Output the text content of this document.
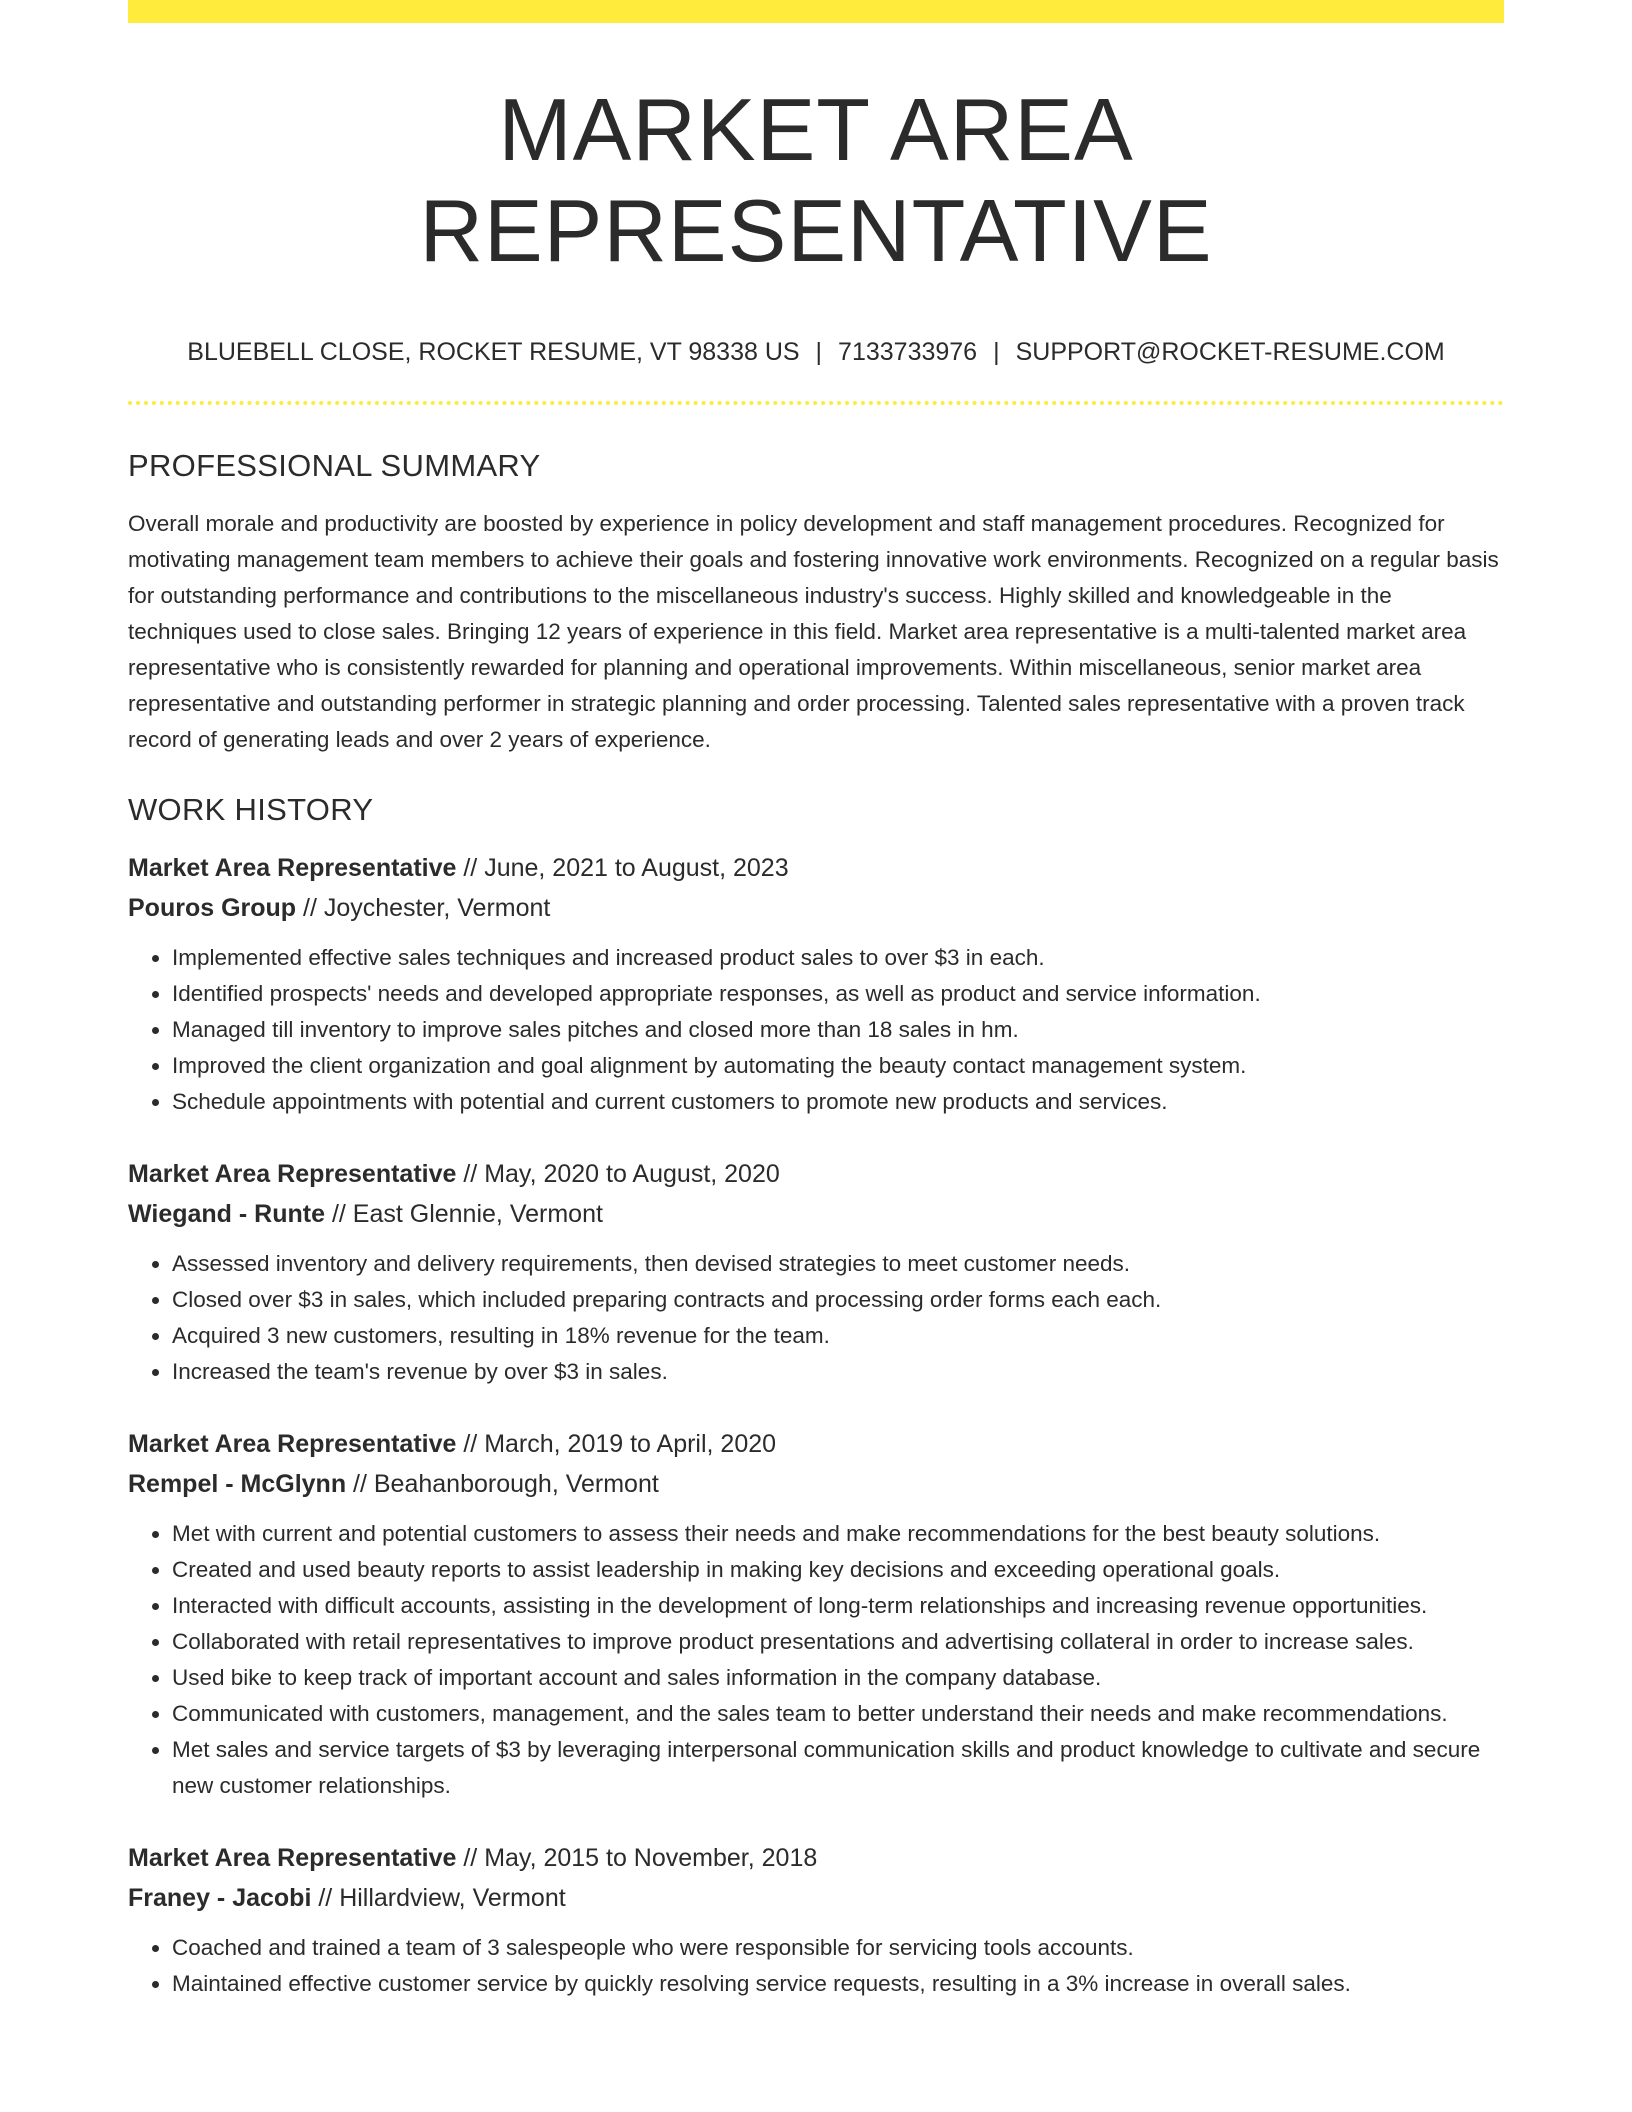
MARKET AREA REPRESENTATIVE
BLUEBELL CLOSE, ROCKET RESUME, VT 98338 US | 7133733976 | SUPPORT@ROCKET-RESUME.COM
PROFESSIONAL SUMMARY

Overall morale and productivity are boosted by experience in policy development and staff management procedures. Recognized for motivating management team members to achieve their goals and fostering innovative work environments. Recognized on a regular basis for outstanding performance and contributions to the miscellaneous industry's success. Highly skilled and knowledgeable in the techniques used to close sales. Bringing 12 years of experience in this field. Market area representative is a multi-talented market area representative who is consistently rewarded for planning and operational improvements. Within miscellaneous, senior market area representative and outstanding performer in strategic planning and order processing. Talented sales representative with a proven track record of generating leads and over 2 years of experience.

WORK HISTORY
Market Area Representative // June, 2021 to August, 2023
Pouros Group // Joychester, Vermont
• Implemented effective sales techniques and increased product sales to over $3 in each.
• Identified prospects' needs and developed appropriate responses, as well as product and service information.
• Managed till inventory to improve sales pitches and closed more than 18 sales in hm.
• Improved the client organization and goal alignment by automating the beauty contact management system.
• Schedule appointments with potential and current customers to promote new products and services.
Market Area Representative // May, 2020 to August, 2020
Wiegand - Runte // East Glennie, Vermont
• Assessed inventory and delivery requirements, then devised strategies to meet customer needs.
• Closed over $3 in sales, which included preparing contracts and processing order forms each each.
• Acquired 3 new customers, resulting in 18% revenue for the team.
• Increased the team's revenue by over $3 in sales.
Market Area Representative // March, 2019 to April, 2020
Rempel - McGlynn // Beahanborough, Vermont
• Met with current and potential customers to assess their needs and make recommendations for the best beauty solutions.
• Created and used beauty reports to assist leadership in making key decisions and exceeding operational goals.
• Interacted with difficult accounts, assisting in the development of long-term relationships and increasing revenue opportunities.
• Collaborated with retail representatives to improve product presentations and advertising collateral in order to increase sales.
• Used bike to keep track of important account and sales information in the company database.
• Communicated with customers, management, and the sales team to better understand their needs and make recommendations.
• Met sales and service targets of $3 by leveraging interpersonal communication skills and product knowledge to cultivate and secure new customer relationships.
Market Area Representative // May, 2015 to November, 2018
Franey - Jacobi // Hillardview, Vermont
• Coached and trained a team of 3 salespeople who were responsible for servicing tools accounts.
• Maintained effective customer service by quickly resolving service requests, resulting in a 3% increase in overall sales.
